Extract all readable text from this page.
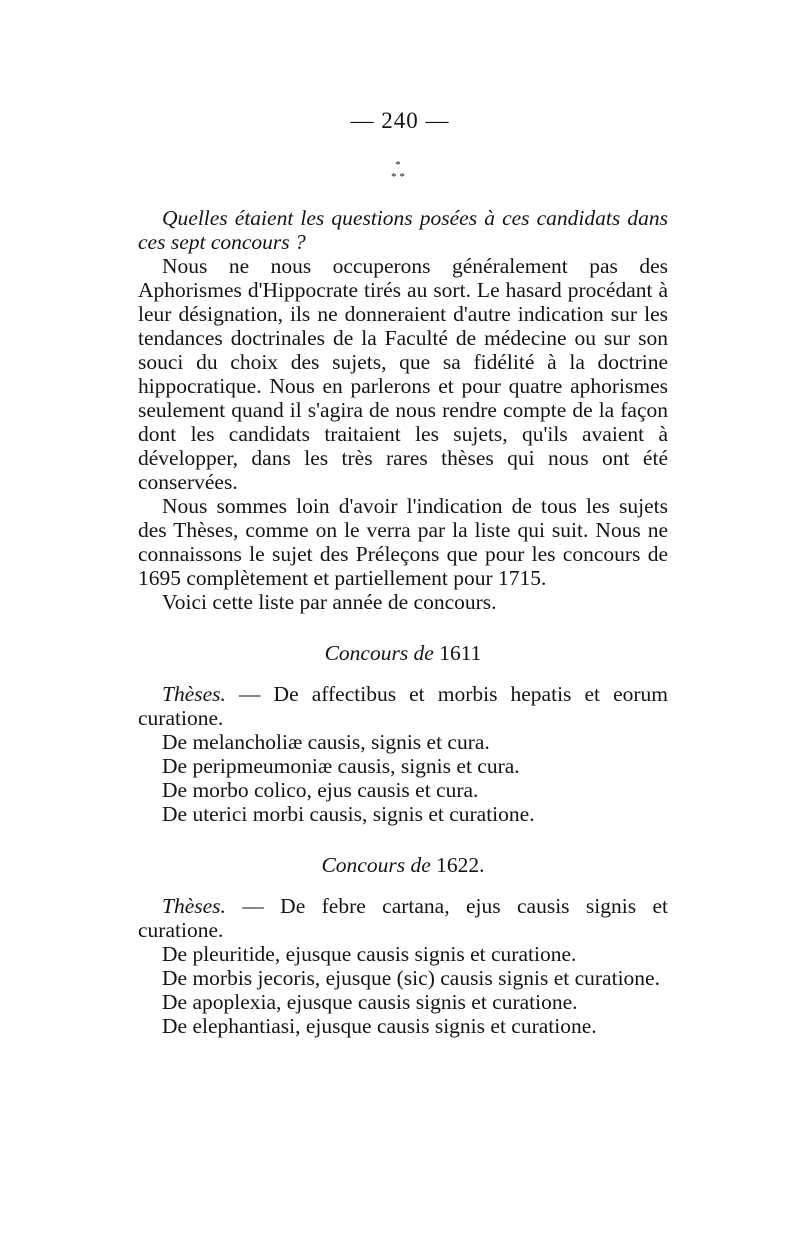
— 240 —
*
* *

Quelles étaient les questions posées à ces candidats dans ces sept concours ?

Nous ne nous occuperons généralement pas des Aphorismes d'Hippocrate tirés au sort. Le hasard procédant à leur désignation, ils ne donneraient d'autre indication sur les tendances doctrinales de la Faculté de médecine ou sur son souci du choix des sujets, que sa fidélité à la doctrine hippocratique. Nous en parlerons et pour quatre aphorismes seulement quand il s'agira de nous rendre compte de la façon dont les candidats traitaient les sujets, qu'ils avaient à développer, dans les très rares thèses qui nous ont été conservées.

Nous sommes loin d'avoir l'indication de tous les sujets des Thèses, comme on le verra par la liste qui suit. Nous ne connaissons le sujet des Préleçons que pour les concours de 1695 complètement et partiellement pour 1715.

Voici cette liste par année de concours.

Concours de 1611

Thèses. — De affectibus et morbis hepatis et eorum curatione.

De melancholiæ causis, signis et cura.

De peripmeumoniæ causis, signis et cura.

De morbo colico, ejus causis et cura.

De uterici morbi causis, signis et curatione.

Concours de 1622.

Thèses. — De febre cartana, ejus causis signis et curatione.

De pleuritide, ejusque causis signis et curatione.

De morbis jecoris, ejusque (sic) causis signis et curatione.

De apoplexia, ejusque causis signis et curatione.

De elephantiasi, ejusque causis signis et curatione.
